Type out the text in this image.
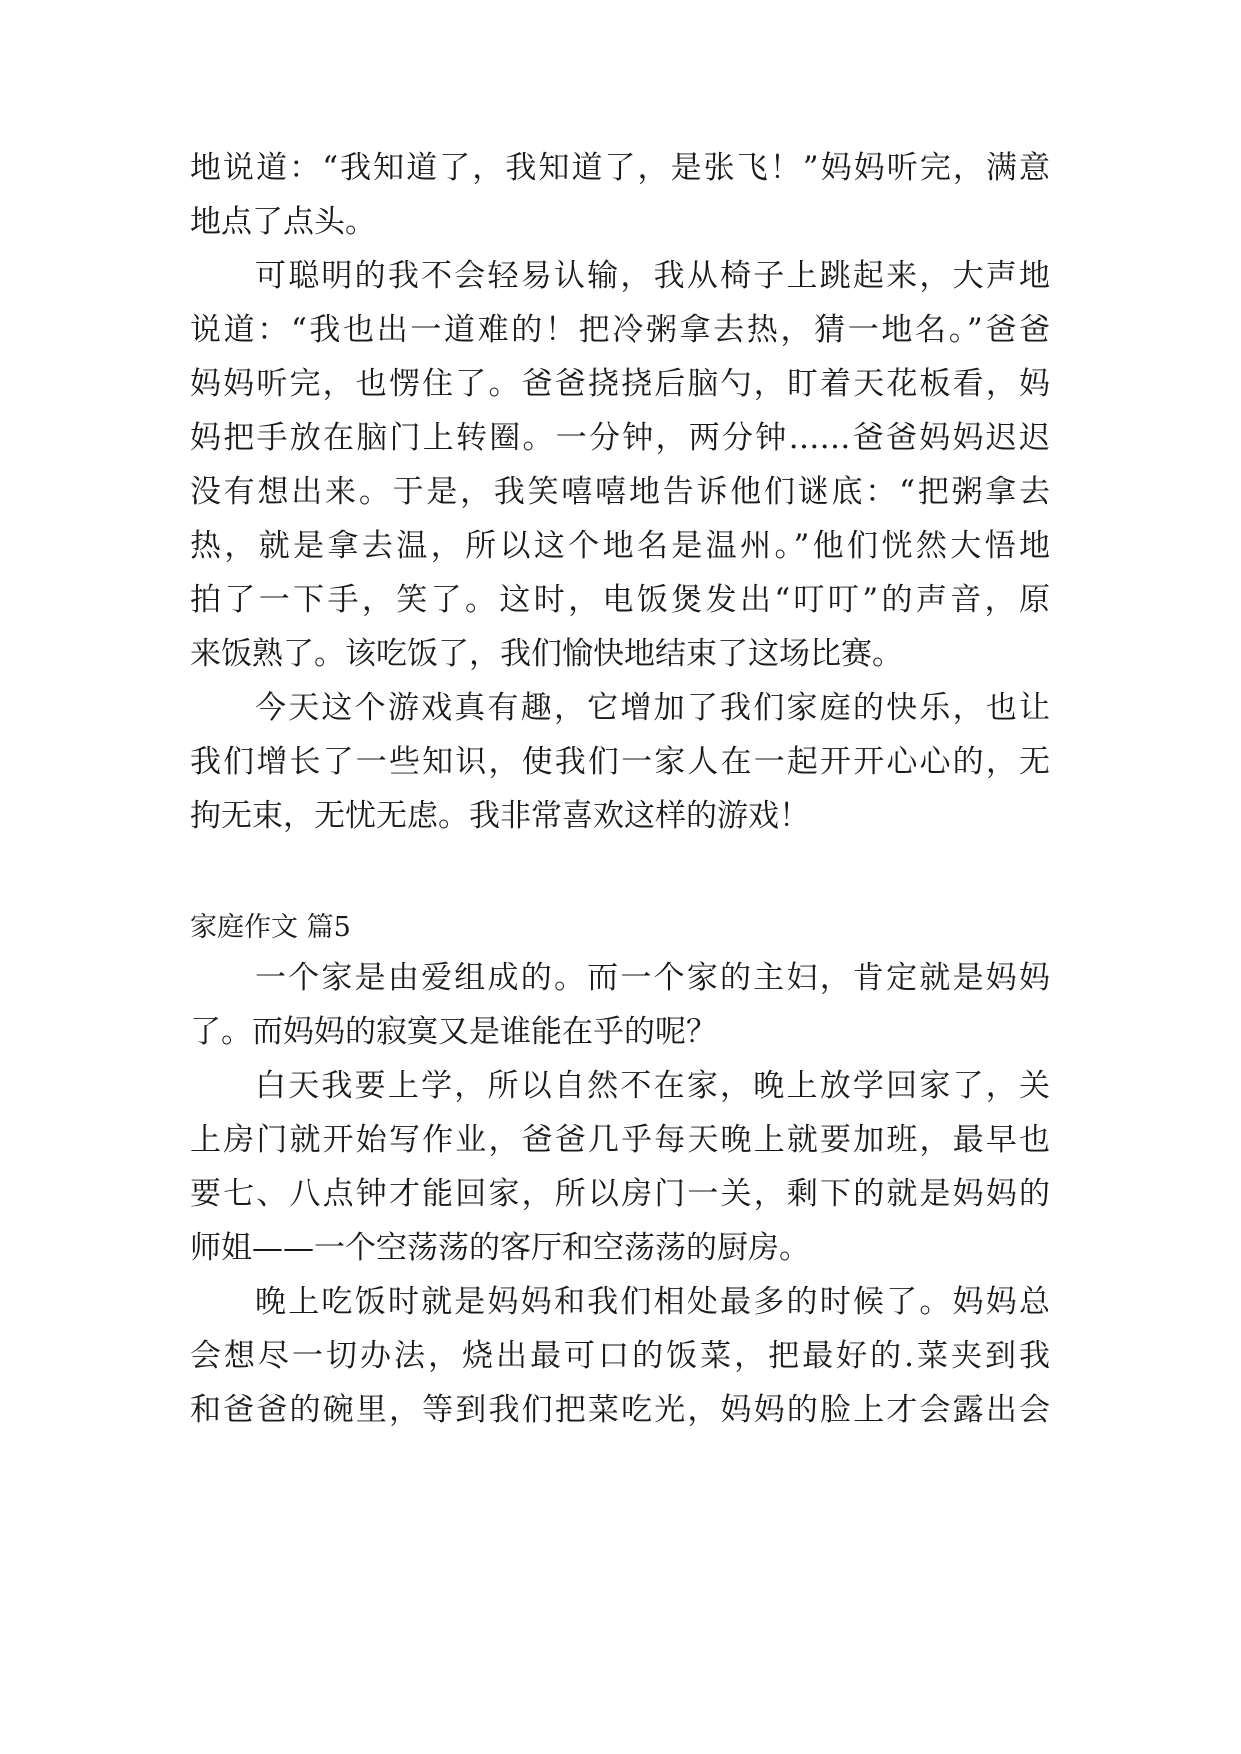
地说道：“我知道了，我知道了，是张飞！”妈妈听完，满意
地点了点头。
可聪明的我不会轻易认输，我从椅子上跳起来，大声地
说道：“我也出一道难的！把冷粥拿去热，猜一地名。”爸爸
妈妈听完，也愣住了。爸爸挠挠后脑勺，盯着天花板看，妈
妈把手放在脑门上转圈。一分钟，两分钟……爸爸妈妈迟迟
没有想出来。于是，我笑嘻嘻地告诉他们谜底：“把粥拿去
热，就是拿去温，所以这个地名是温州。”他们恍然大悟地
拍了一下手，笑了。这时，电饭煲发出“叮叮”的声音，原
来饭熟了。该吃饭了，我们愉快地结束了这场比赛。
今天这个游戏真有趣，它增加了我们家庭的快乐，也让
我们增长了一些知识，使我们一家人在一起开开心心的，无
拘无束，无忧无虑。我非常喜欢这样的游戏！
家庭作文 篇5
一个家是由爱组成的。而一个家的主妇，肯定就是妈妈
了。而妈妈的寂寞又是谁能在乎的呢？
白天我要上学，所以自然不在家，晚上放学回家了，关
上房门就开始写作业，爸爸几乎每天晚上就要加班，最早也
要七、八点钟才能回家，所以房门一关，剩下的就是妈妈的
师姐——一个空荡荡的客厅和空荡荡的厨房。
晚上吃饭时就是妈妈和我们相处最多的时候了。妈妈总
会想尽一切办法，烧出最可口的饭菜，把最好的.菜夹到我
和爸爸的碗里，等到我们把菜吃光，妈妈的脸上才会露出会
